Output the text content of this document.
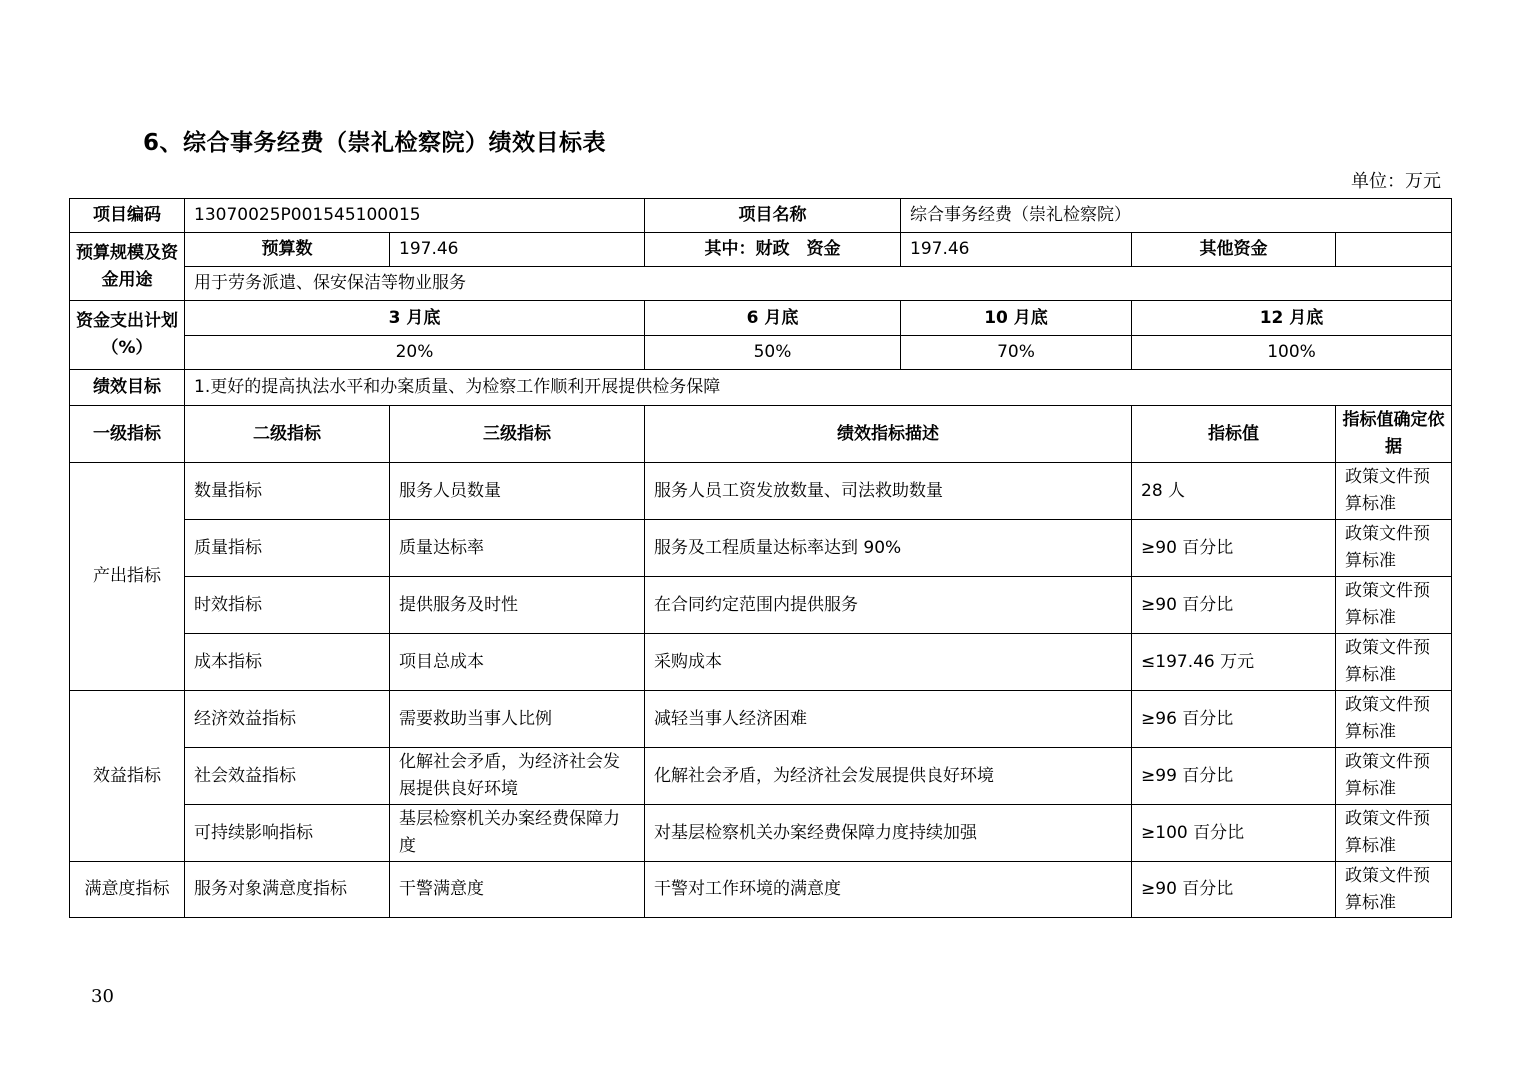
6、综合事务经费（崇礼检察院）绩效目标表
单位：万元
项目编码	13070025P001545100015		项目名称	综合事务经费（崇礼检察院）		
预算规模及资金用途	预算数	197.46	其中：财政　资金	197.46	其他资金	
	用于劳务派遣、保安保洁等物业服务					
资金支出计划（%）	3 月底		6 月底	10 月底	12 月底	
	20%		50%	70%	100%	
绩效目标	1.更好的提高执法水平和办案质量、为检察工作顺利开展提供检务保障					
一级指标	二级指标	三级指标	绩效指标描述		指标值	指标值确定依据
产出指标	数量指标	服务人员数量	服务人员工资发放数量、司法救助数量		28 人	政策文件预算标准
	质量指标	质量达标率	服务及工程质量达标率达到 90%		≥90 百分比	政策文件预算标准
	时效指标	提供服务及时性	在合同约定范围内提供服务		≥90 百分比	政策文件预算标准
	成本指标	项目总成本	采购成本		≤197.46 万元	政策文件预算标准
效益指标	经济效益指标	需要救助当事人比例	减轻当事人经济困难		≥96 百分比	政策文件预算标准
	社会效益指标	化解社会矛盾，为经济社会发展提供良好环境	化解社会矛盾，为经济社会发展提供良好环境		≥99 百分比	政策文件预算标准
	可持续影响指标	基层检察机关办案经费保障力度	对基层检察机关办案经费保障力度持续加强		≥100 百分比	政策文件预算标准
满意度指标	服务对象满意度指标	干警满意度	干警对工作环境的满意度		≥90 百分比	政策文件预算标准
30
